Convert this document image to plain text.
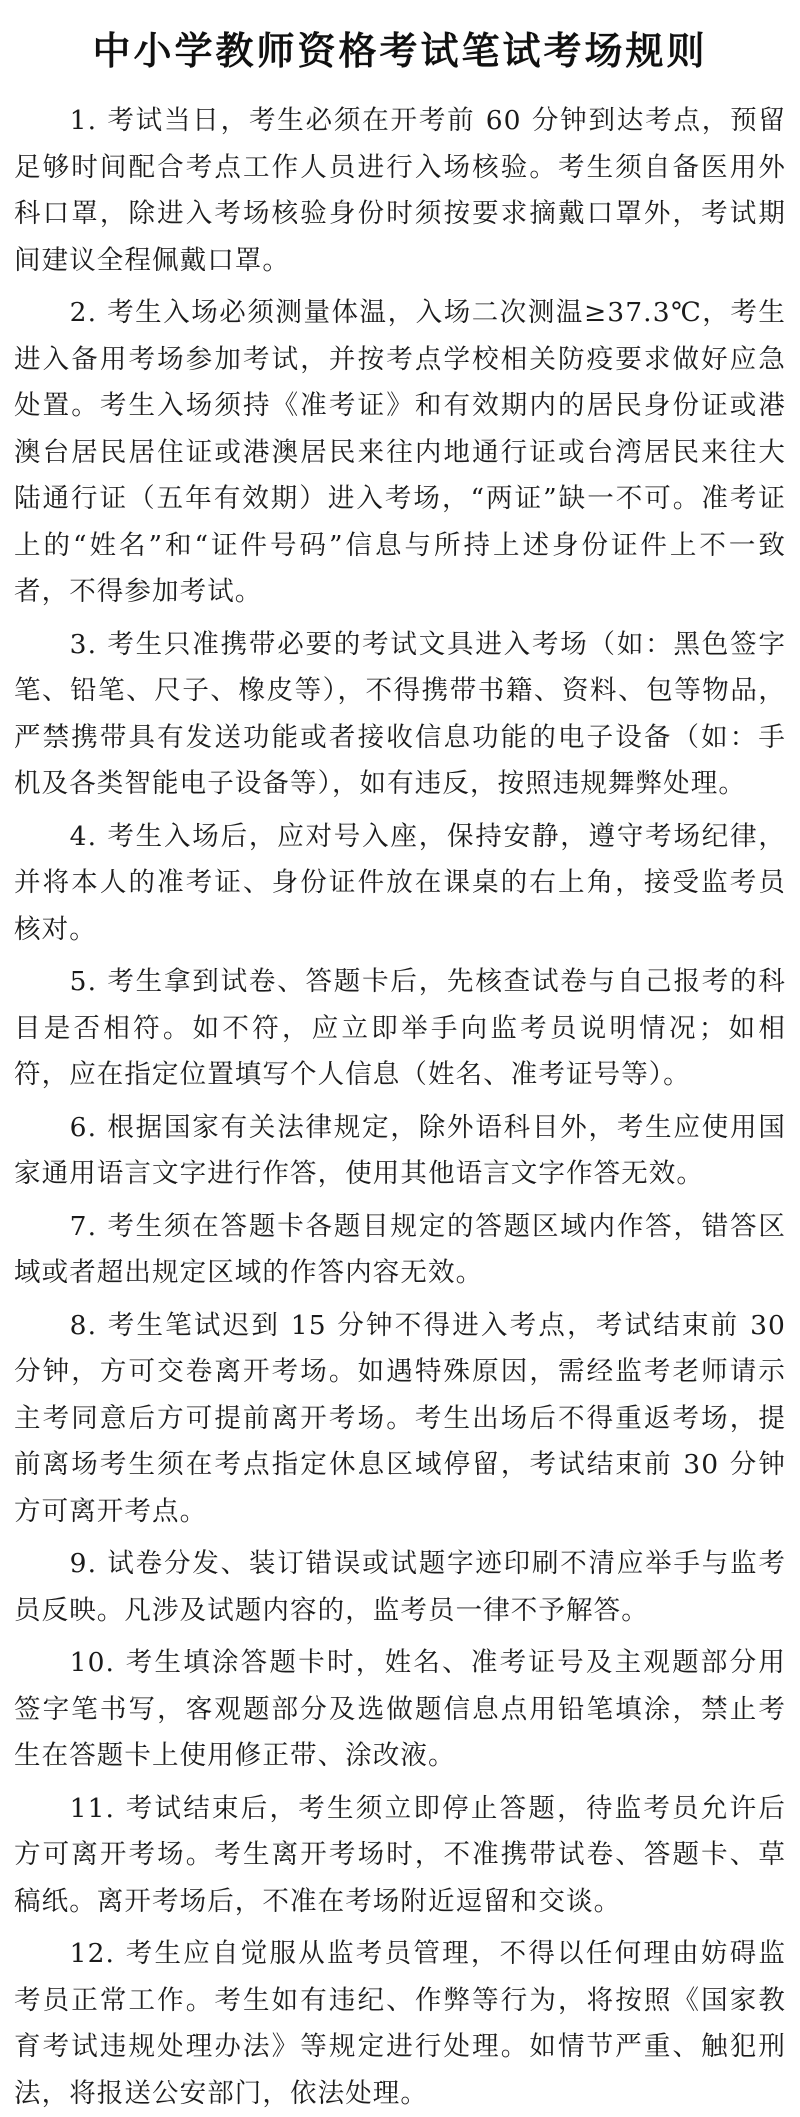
中小学教师资格考试笔试考场规则

1. 考试当日，考生必须在开考前 60 分钟到达考点，预留足够时间配合考点工作人员进行入场核验。考生须自备医用外科口罩，除进入考场核验身份时须按要求摘戴口罩外，考试期间建议全程佩戴口罩。

2. 考生入场必须测量体温，入场二次测温≥37.3℃，考生进入备用考场参加考试，并按考点学校相关防疫要求做好应急处置。考生入场须持《准考证》和有效期内的居民身份证或港澳台居民居住证或港澳居民来往内地通行证或台湾居民来往大陆通行证（五年有效期）进入考场，“两证”缺一不可。准考证上的“姓名”和“证件号码”信息与所持上述身份证件上不一致者，不得参加考试。

3. 考生只准携带必要的考试文具进入考场（如：黑色签字笔、铅笔、尺子、橡皮等），不得携带书籍、资料、包等物品，严禁携带具有发送功能或者接收信息功能的电子设备（如：手机及各类智能电子设备等），如有违反，按照违规舞弊处理。

4. 考生入场后，应对号入座，保持安静，遵守考场纪律，并将本人的准考证、身份证件放在课桌的右上角，接受监考员核对。

5. 考生拿到试卷、答题卡后，先核查试卷与自己报考的科目是否相符。如不符，应立即举手向监考员说明情况；如相符，应在指定位置填写个人信息（姓名、准考证号等）。

6. 根据国家有关法律规定，除外语科目外，考生应使用国家通用语言文字进行作答，使用其他语言文字作答无效。

7. 考生须在答题卡各题目规定的答题区域内作答，错答区域或者超出规定区域的作答内容无效。

8. 考生笔试迟到 15 分钟不得进入考点，考试结束前 30 分钟，方可交卷离开考场。如遇特殊原因，需经监考老师请示主考同意后方可提前离开考场。考生出场后不得重返考场，提前离场考生须在考点指定休息区域停留，考试结束前 30 分钟方可离开考点。

9. 试卷分发、装订错误或试题字迹印刷不清应举手与监考员反映。凡涉及试题内容的，监考员一律不予解答。

10. 考生填涂答题卡时，姓名、准考证号及主观题部分用签字笔书写，客观题部分及选做题信息点用铅笔填涂，禁止考生在答题卡上使用修正带、涂改液。

11. 考试结束后，考生须立即停止答题，待监考员允许后方可离开考场。考生离开考场时，不准携带试卷、答题卡、草稿纸。离开考场后，不准在考场附近逗留和交谈。

12. 考生应自觉服从监考员管理，不得以任何理由妨碍监考员正常工作。考生如有违纪、作弊等行为，将按照《国家教育考试违规处理办法》等规定进行处理。如情节严重、触犯刑法，将报送公安部门，依法处理。
